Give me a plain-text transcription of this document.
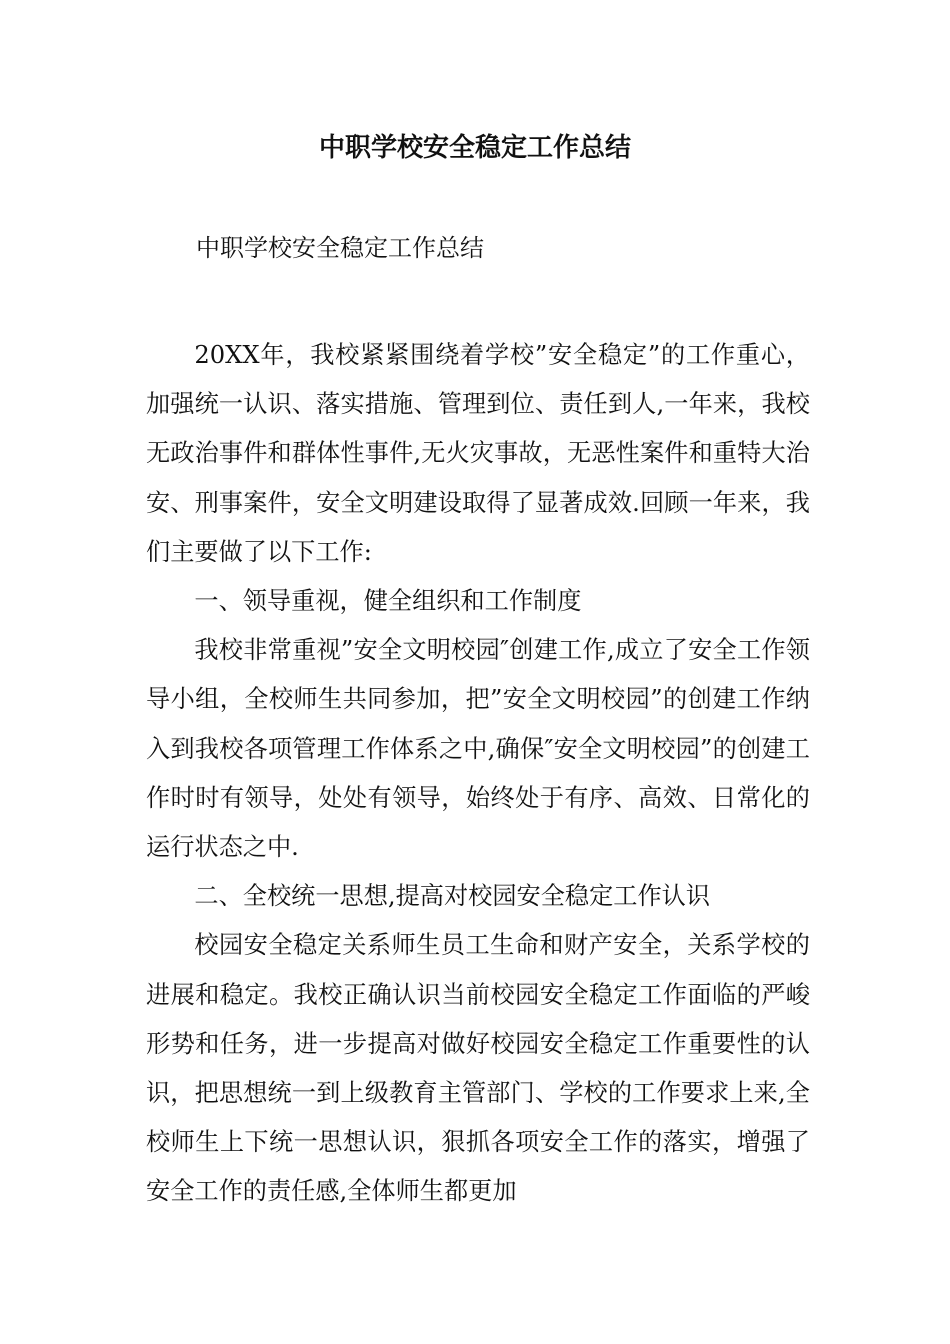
中职学校安全稳定工作总结
中职学校安全稳定工作总结

20XX年，我校紧紧围绕着学校”安全稳定”的工作重心，加强统一认识、落实措施、管理到位、责任到人,一年来，我校无政治事件和群体性事件,无火灾事故，无恶性案件和重特大治安、刑事案件，安全文明建设取得了显著成效.回顾一年来，我们主要做了以下工作:

一、领导重视，健全组织和工作制度

我校非常重视”安全文明校园″创建工作,成立了安全工作领导小组，全校师生共同参加，把”安全文明校园”的创建工作纳入到我校各项管理工作体系之中,确保″安全文明校园”的创建工作时时有领导，处处有领导，始终处于有序、高效、日常化的运行状态之中.

二、全校统一思想,提高对校园安全稳定工作认识

校园安全稳定关系师生员工生命和财产安全，关系学校的进展和稳定。我校正确认识当前校园安全稳定工作面临的严峻形势和任务，进一步提高对做好校园安全稳定工作重要性的认识，把思想统一到上级教育主管部门、学校的工作要求上来,全校师生上下统一思想认识，狠抓各项安全工作的落实，增强了安全工作的责任感,全体师生都更加
